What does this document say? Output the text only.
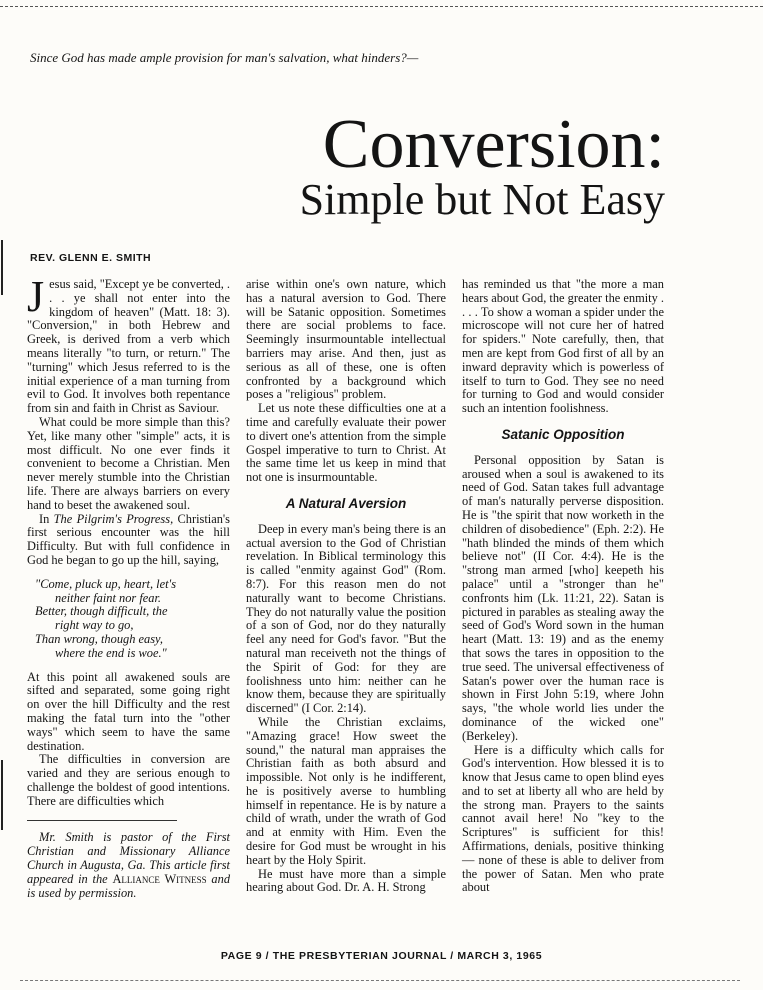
Since God has made ample provision for man's salvation, what hinders?—
Conversion:
Simple but Not Easy
REV. GLENN E. SMITH

Jesus said, "Except ye be converted, . . . ye shall not enter into the kingdom of heaven" (Matt. 18: 3). "Conversion," in both Hebrew and Greek, is derived from a verb which means literally "to turn, or return." The "turning" which Jesus referred to is the initial experience of a man turning from evil to God. It involves both repentance from sin and faith in Christ as Saviour.

What could be more simple than this? Yet, like many other "simple" acts, it is most difficult. No one ever finds it convenient to become a Christian. Men never merely stumble into the Christian life. There are always barriers on every hand to beset the awakened soul.

In The Pilgrim's Progress, Christian's first serious encounter was the hill Difficulty. But with full confidence in God he began to go up the hill, saying,

"Come, pluck up, heart, let's
neither faint nor fear.
Better, though difficult, the
right way to go,
Than wrong, though easy,
where the end is woe."

At this point all awakened souls are sifted and separated, some going right on over the hill Difficulty and the rest making the fatal turn into the "other ways" which seem to have the same destination.

The difficulties in conversion are varied and they are serious enough to challenge the boldest of good intentions. There are difficulties which

Mr. Smith is pastor of the First Christian and Missionary Alliance Church in Augusta, Ga. This article first appeared in the Alliance Witness and is used by permission.

arise within one's own nature, which has a natural aversion to God. There will be Satanic opposition. Sometimes there are social problems to face. Seemingly insurmountable intellectual barriers may arise. And then, just as serious as all of these, one is often confronted by a background which poses a "religious" problem.

Let us note these difficulties one at a time and carefully evaluate their power to divert one's attention from the simple Gospel imperative to turn to Christ. At the same time let us keep in mind that not one is insurmountable.

A Natural Aversion

Deep in every man's being there is an actual aversion to the God of Christian revelation. In Biblical terminology this is called "enmity against God" (Rom. 8:7). For this reason men do not naturally want to become Christians. They do not naturally value the position of a son of God, nor do they naturally feel any need for God's favor. "But the natural man receiveth not the things of the Spirit of God: for they are foolishness unto him: neither can he know them, because they are spiritually discerned" (I Cor. 2:14).

While the Christian exclaims, "Amazing grace! How sweet the sound," the natural man appraises the Christian faith as both absurd and impossible. Not only is he indifferent, he is positively averse to humbling himself in repentance. He is by nature a child of wrath, under the wrath of God and at enmity with Him. Even the desire for God must be wrought in his heart by the Holy Spirit.

He must have more than a simple hearing about God. Dr. A. H. Strong

has reminded us that "the more a man hears about God, the greater the enmity . . . . To show a woman a spider under the microscope will not cure her of hatred for spiders." Note carefully, then, that men are kept from God first of all by an inward depravity which is powerless of itself to turn to God. They see no need for turning to God and would consider such an intention foolishness.

Satanic Opposition

Personal opposition by Satan is aroused when a soul is awakened to its need of God. Satan takes full advantage of man's naturally perverse disposition. He is "the spirit that now worketh in the children of disobedience" (Eph. 2:2). He "hath blinded the minds of them which believe not" (II Cor. 4:4). He is the "strong man armed [who] keepeth his palace" until a "stronger than he" confronts him (Lk. 11:21, 22). Satan is pictured in parables as stealing away the seed of God's Word sown in the human heart (Matt. 13: 19) and as the enemy that sows the tares in opposition to the true seed. The universal effectiveness of Satan's power over the human race is shown in First John 5:19, where John says, "the whole world lies under the dominance of the wicked one" (Berkeley).

Here is a difficulty which calls for God's intervention. How blessed it is to know that Jesus came to open blind eyes and to set at liberty all who are held by the strong man. Prayers to the saints cannot avail here! No "key to the Scriptures" is sufficient for this! Affirmations, denials, positive thinking — none of these is able to deliver from the power of Satan. Men who prate about

PAGE 9 / THE PRESBYTERIAN JOURNAL / MARCH 3, 1965
